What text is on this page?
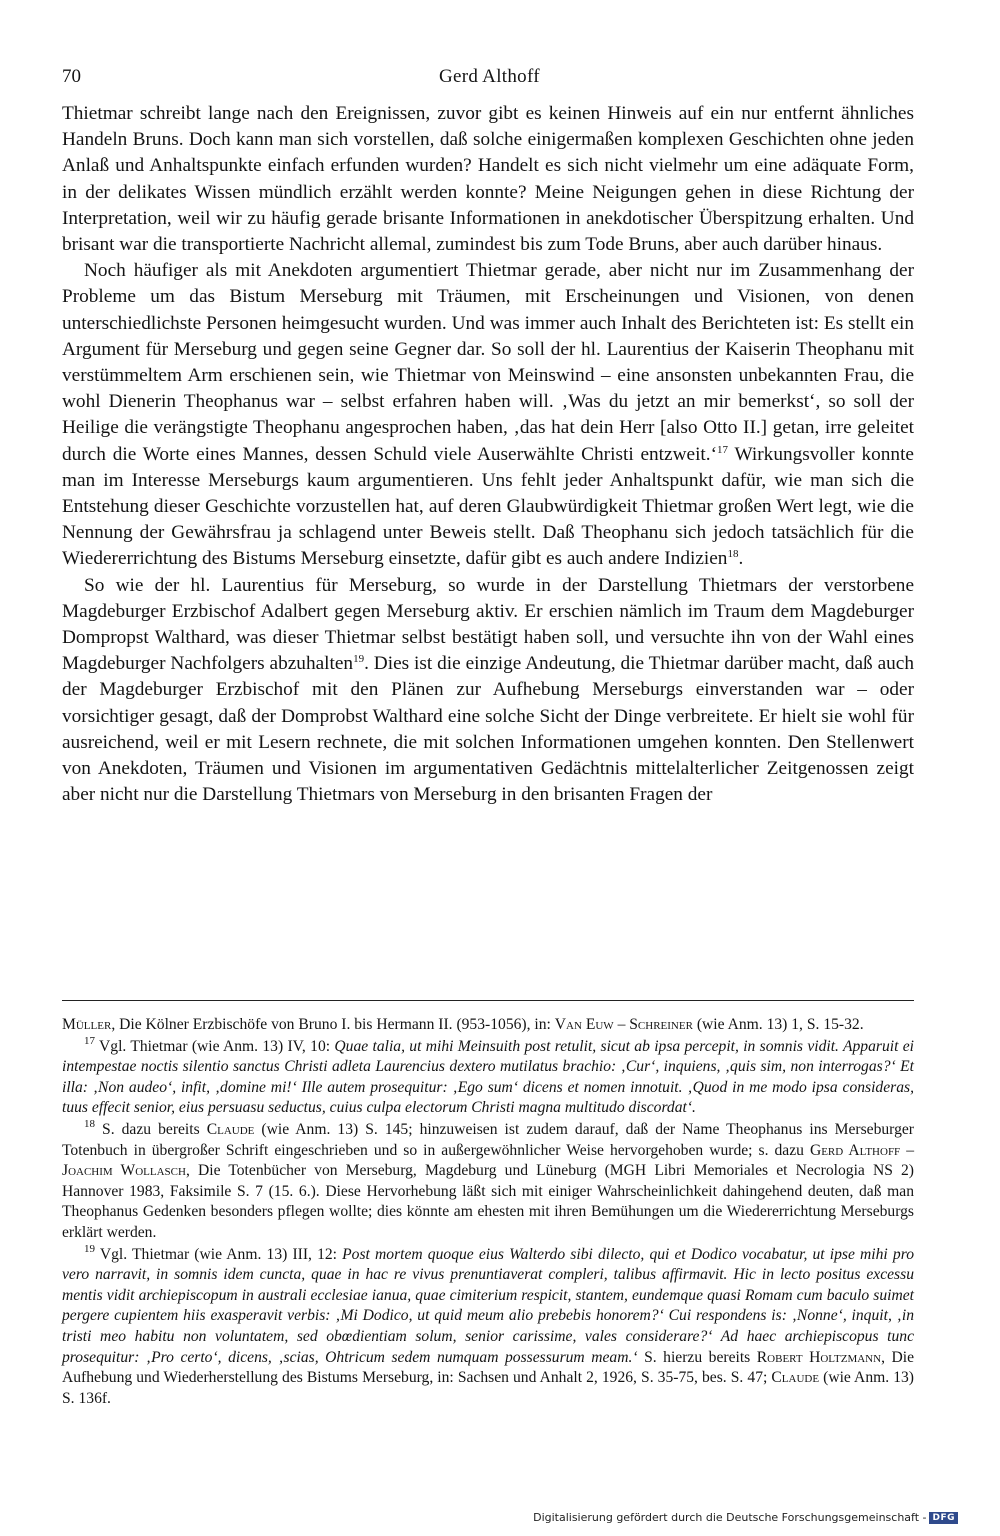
70	Gerd Althoff

Thietmar schreibt lange nach den Ereignissen, zuvor gibt es keinen Hinweis auf ein nur entfernt ähnliches Handeln Bruns. Doch kann man sich vorstellen, daß solche einigermaßen komplexen Geschichten ohne jeden Anlaß und Anhaltspunkte einfach erfunden wurden? Handelt es sich nicht vielmehr um eine adäquate Form, in der delikates Wissen mündlich erzählt werden konnte? Meine Neigungen gehen in diese Richtung der Interpretation, weil wir zu häufig gerade brisante Informationen in anekdotischer Überspitzung erhalten. Und brisant war die transportierte Nachricht allemal, zumindest bis zum Tode Bruns, aber auch darüber hinaus.

Noch häufiger als mit Anekdoten argumentiert Thietmar gerade, aber nicht nur im Zusammenhang der Probleme um das Bistum Merseburg mit Träumen, mit Erscheinungen und Visionen, von denen unterschiedlichste Personen heimgesucht wurden. Und was immer auch Inhalt des Berichteten ist: Es stellt ein Argument für Merseburg und gegen seine Gegner dar. So soll der hl. Laurentius der Kaiserin Theophanu mit verstümmeltem Arm erschienen sein, wie Thietmar von Meinswind – eine ansonsten unbekannten Frau, die wohl Dienerin Theophanus war – selbst erfahren haben will. ‚Was du jetzt an mir bemerkst‘, so soll der Heilige die verängstigte Theophanu angesprochen haben, ‚das hat dein Herr [also Otto II.] getan, irre geleitet durch die Worte eines Mannes, dessen Schuld viele Auserwählte Christi entzweit.‘$^{17}$ Wirkungsvoller konnte man im Interesse Merseburgs kaum argumentieren. Uns fehlt jeder Anhaltspunkt dafür, wie man sich die Entstehung dieser Geschichte vorzustellen hat, auf deren Glaubwürdigkeit Thietmar großen Wert legt, wie die Nennung der Gewährsfrau ja schlagend unter Beweis stellt. Daß Theophanu sich jedoch tatsächlich für die Wiedererrichtung des Bistums Merseburg einsetzte, dafür gibt es auch andere Indizien$^{18}$.

So wie der hl. Laurentius für Merseburg, so wurde in der Darstellung Thietmars der verstorbene Magdeburger Erzbischof Adalbert gegen Merseburg aktiv. Er erschien nämlich im Traum dem Magdeburger Dompropst Walthard, was dieser Thietmar selbst bestätigt haben soll, und versuchte ihn von der Wahl eines Magdeburger Nachfolgers abzuhalten$^{19}$. Dies ist die einzige Andeutung, die Thietmar darüber macht, daß auch der Magdeburger Erzbischof mit den Plänen zur Aufhebung Merseburgs einverstanden war – oder vorsichtiger gesagt, daß der Domprobst Walthard eine solche Sicht der Dinge verbreitete. Er hielt sie wohl für ausreichend, weil er mit Lesern rechnete, die mit solchen Informationen umgehen konnten. Den Stellenwert von Anekdoten, Träumen und Visionen im argumentativen Gedächtnis mittelalterlicher Zeitgenossen zeigt aber nicht nur die Darstellung Thietmars von Merseburg in den brisanten Fragen der

Müller, Die Kölner Erzbischöfe von Bruno I. bis Hermann II. (953-1056), in: Van Euw – Schreiner (wie Anm. 13) 1, S. 15-32.

$^{17}$ Vgl. Thietmar (wie Anm. 13) IV, 10: Quae talia, ut mihi Meinsuith post retulit, sicut ab ipsa percepit, in somnis vidit. Apparuit ei intempestae noctis silentio sanctus Christi adleta Laurencius dextero mutilatus brachio: ‚Cur‘, inquiens, ‚quis sim, non interrogas?‘ Et illa: ‚Non audeo‘, infit, ‚domine mi!‘ Ille autem prosequitur: ‚Ego sum‘ dicens et nomen innotuit. ‚Quod in me modo ipsa consideras, tuus effecit senior, eius persuasu seductus, cuius culpa electorum Christi magna multitudo discordat‘.

$^{18}$ S. dazu bereits Claude (wie Anm. 13) S. 145; hinzuweisen ist zudem darauf, daß der Name Theophanus ins Merseburger Totenbuch in übergroßer Schrift eingeschrieben und so in außergewöhnlicher Weise hervorgehoben wurde; s. dazu Gerd Althoff – Joachim Wollasch, Die Totenbücher von Merseburg, Magdeburg und Lüneburg (MGH Libri Memoriales et Necrologia NS 2) Hannover 1983, Faksimile S. 7 (15. 6.). Diese Hervorhebung läßt sich mit einiger Wahrscheinlichkeit dahingehend deuten, daß man Theophanus Gedenken besonders pflegen wollte; dies könnte am ehesten mit ihren Bemühungen um die Wiedererrichtung Merseburgs erklärt werden.

$^{19}$ Vgl. Thietmar (wie Anm. 13) III, 12: Post mortem quoque eius Walterdo sibi dilecto, qui et Dodico vocabatur, ut ipse mihi pro vero narravit, in somnis idem cuncta, quae in hac re vivus prenuntiaverat compleri, talibus affirmavit. Hic in lecto positus excessu mentis vidit archiepiscopum in australi ecclesiae ianua, quae cimiterium respicit, stantem, eundemque quasi Romam cum baculo suimet pergere cupientem hiis exasperavit verbis: ‚Mi Dodico, ut quid meum alio prebebis honorem?‘ Cui respondens is: ‚Nonne‘, inquit, ‚in tristi meo habitu non voluntatem, sed obœdientiam solum, senior carissime, vales considerare?‘ Ad haec archiepiscopus tunc prosequitur: ‚Pro certo‘, dicens, ‚scias, Ohtricum sedem numquam possessurum meam.‘ S. hierzu bereits Robert Holtzmann, Die Aufhebung und Wiederherstellung des Bistums Merseburg, in: Sachsen und Anhalt 2, 1926, S. 35-75, bes. S. 47; Claude (wie Anm. 13) S. 136f.

Digitalisierung gefördert durch die Deutsche Forschungsgemeinschaft - DFG
